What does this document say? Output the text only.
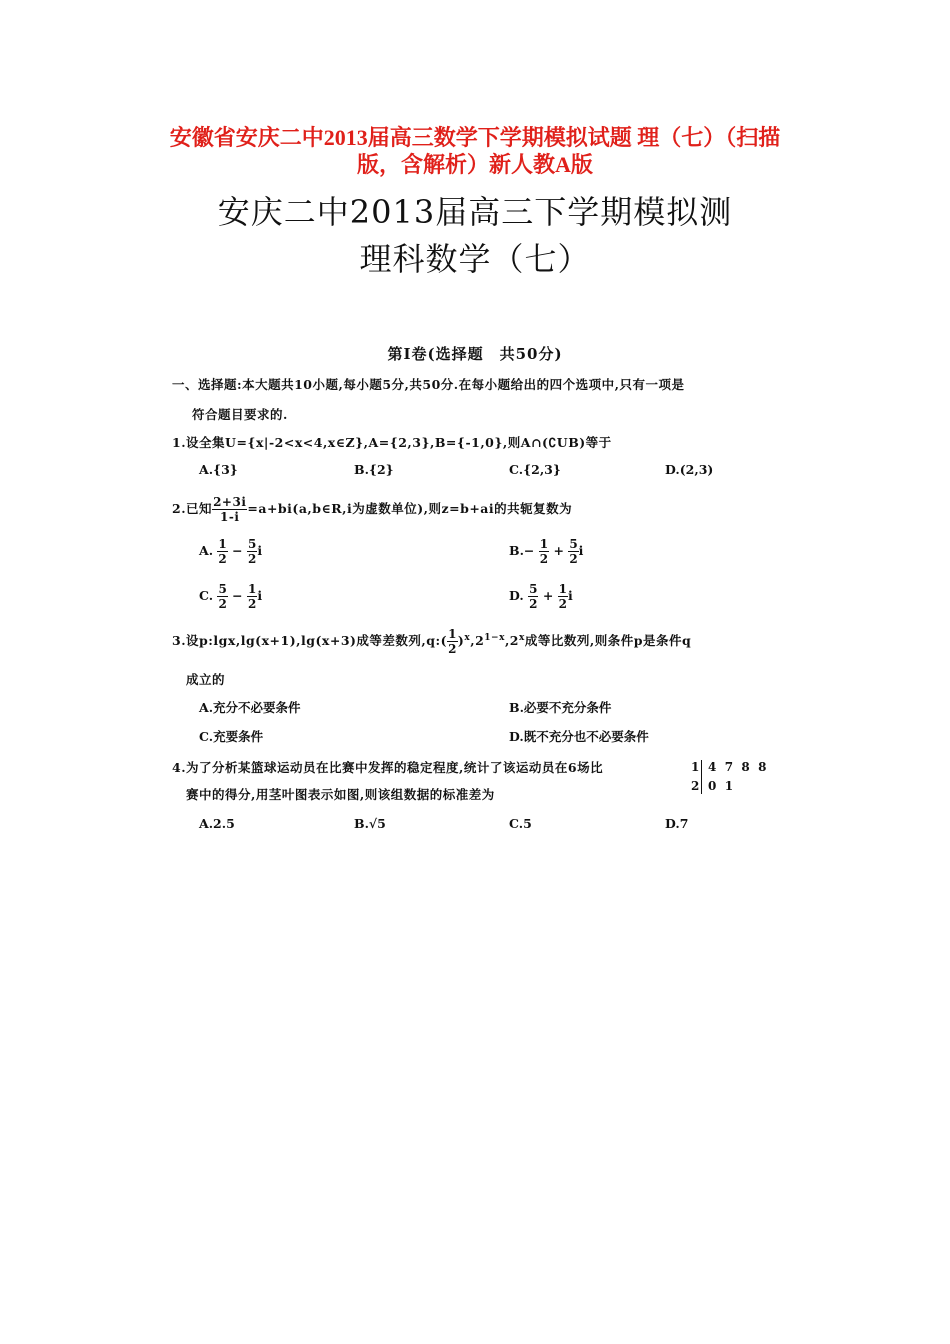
安徽省安庆二中2013届高三数学下学期模拟试题 理（七）（扫描
版，含解析）新人教A版
安庆二中2013届高三下学期模拟测
理科数学（七）
第Ⅰ卷(选择题　共50分)
一、选择题:本大题共10小题,每小题5分,共50分.在每小题给出的四个选项中,只有一项是
符合题目要求的.
1.设全集U={x|-2<x<4,x∈Z},A={2,3},B={-1,0},则A∩(∁UB)等于
A.{3}	B.{2}	C.{2,3}	D.(2,3)
2.已知 $\frac{2+3i}{1-i}$ =a+bi(a,b∈R,i为虚数单位),则z=b+ai的共轭复数为
A. $\frac{1}{2} - \frac{5}{2}$ i	$B.- \frac{1}{2} + \frac{5}{2}$ i
C. $\frac{5}{2} - \frac{1}{2}$ i	D. $\frac{5}{2} + \frac{1}{2}$ i
3.设p:lgx,lg(x+1),lg(x+3)成等差数列,q:( $\frac{1}{2} )^x,2^{1-x},2^x$成等比数列,则条件p是条件q
成立的
A.充分不必要条件	B.必要不充分条件
C.充要条件	D.既不充分也不必要条件
4.为了分析某篮球运动员在比赛中发挥的稳定程度,统计了该运动员在6场比
赛中的得分,用茎叶图表示如图,则该组数据的标准差为
1 4  7  8  8
2 0  1
A.2.5	B.√5	C.5	D.7
